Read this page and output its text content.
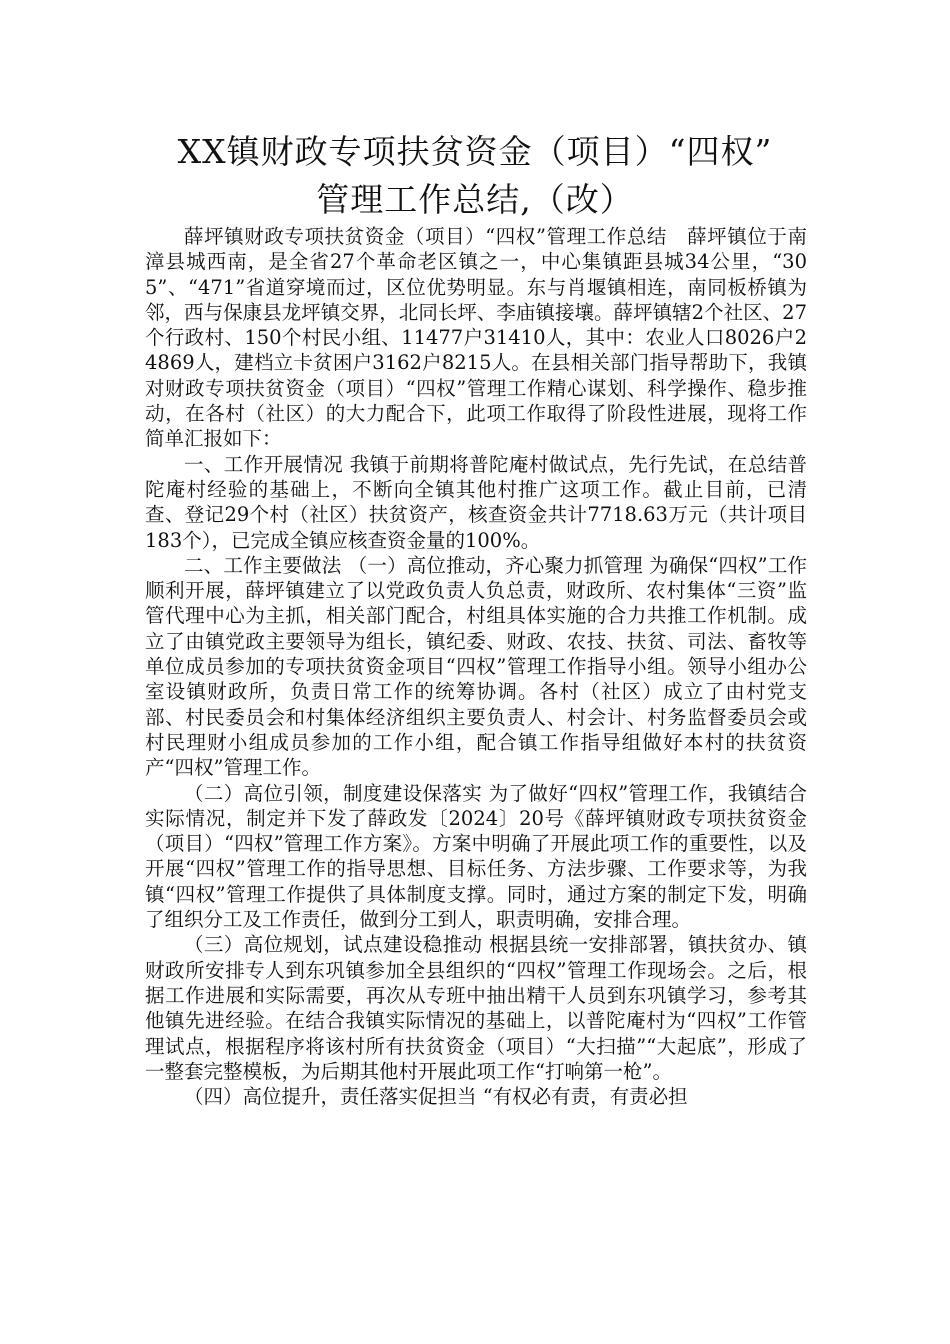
XX镇财政专项扶贫资金（项目）“四权”
管理工作总结,（改）

薛坪镇财政专项扶贫资金（项目）“四权”管理工作总结　薛坪镇位于南漳县城西南，是全省27个革命老区镇之一，中心集镇距县城34公里，“305”、“471”省道穿境而过，区位优势明显。东与肖堰镇相连，南同板桥镇为邻，西与保康县龙坪镇交界，北同长坪、李庙镇接壤。薛坪镇辖2个社区、27个行政村、150个村民小组、11477户31410人，其中：农业人口8026户24869人，建档立卡贫困户3162户8215人。在县相关部门指导帮助下，我镇对财政专项扶贫资金（项目）“四权”管理工作精心谋划、科学操作、稳步推动，在各村（社区）的大力配合下，此项工作取得了阶段性进展，现将工作简单汇报如下：

一、工作开展情况 我镇于前期将普陀庵村做试点，先行先试，在总结普陀庵村经验的基础上，不断向全镇其他村推广这项工作。截止目前，已清查、登记29个村（社区）扶贫资产，核查资金共计7718.63万元（共计项目183个），已完成全镇应核查资金量的100%。

二、工作主要做法 （一）高位推动，齐心聚力抓管理 为确保“四权”工作顺利开展，薛坪镇建立了以党政负责人负总责，财政所、农村集体“三资”监管代理中心为主抓，相关部门配合，村组具体实施的合力共推工作机制。成立了由镇党政主要领导为组长，镇纪委、财政、农技、扶贫、司法、畜牧等单位成员参加的专项扶贫资金项目“四权”管理工作指导小组。领导小组办公室设镇财政所，负责日常工作的统筹协调。各村（社区）成立了由村党支部、村民委员会和村集体经济组织主要负责人、村会计、村务监督委员会或村民理财小组成员参加的工作小组，配合镇工作指导组做好本村的扶贫资产“四权”管理工作。

（二）高位引领，制度建设保落实 为了做好“四权”管理工作，我镇结合实际情况，制定并下发了薛政发〔2024〕20号《薛坪镇财政专项扶贫资金（项目）“四权”管理工作方案》。方案中明确了开展此项工作的重要性，以及开展“四权”管理工作的指导思想、目标任务、方法步骤、工作要求等，为我镇“四权”管理工作提供了具体制度支撑。同时，通过方案的制定下发，明确了组织分工及工作责任，做到分工到人，职责明确，安排合理。

（三）高位规划，试点建设稳推动 根据县统一安排部署，镇扶贫办、镇财政所安排专人到东巩镇参加全县组织的“四权”管理工作现场会。之后，根据工作进展和实际需要，再次从专班中抽出精干人员到东巩镇学习，参考其他镇先进经验。在结合我镇实际情况的基础上，以普陀庵村为“四权”工作管理试点，根据程序将该村所有扶贫资金（项目）“大扫描”“大起底”，形成了一整套完整模板，为后期其他村开展此项工作“打响第一枪”。

（四）高位提升，责任落实促担当 “有权必有责，有责必担
